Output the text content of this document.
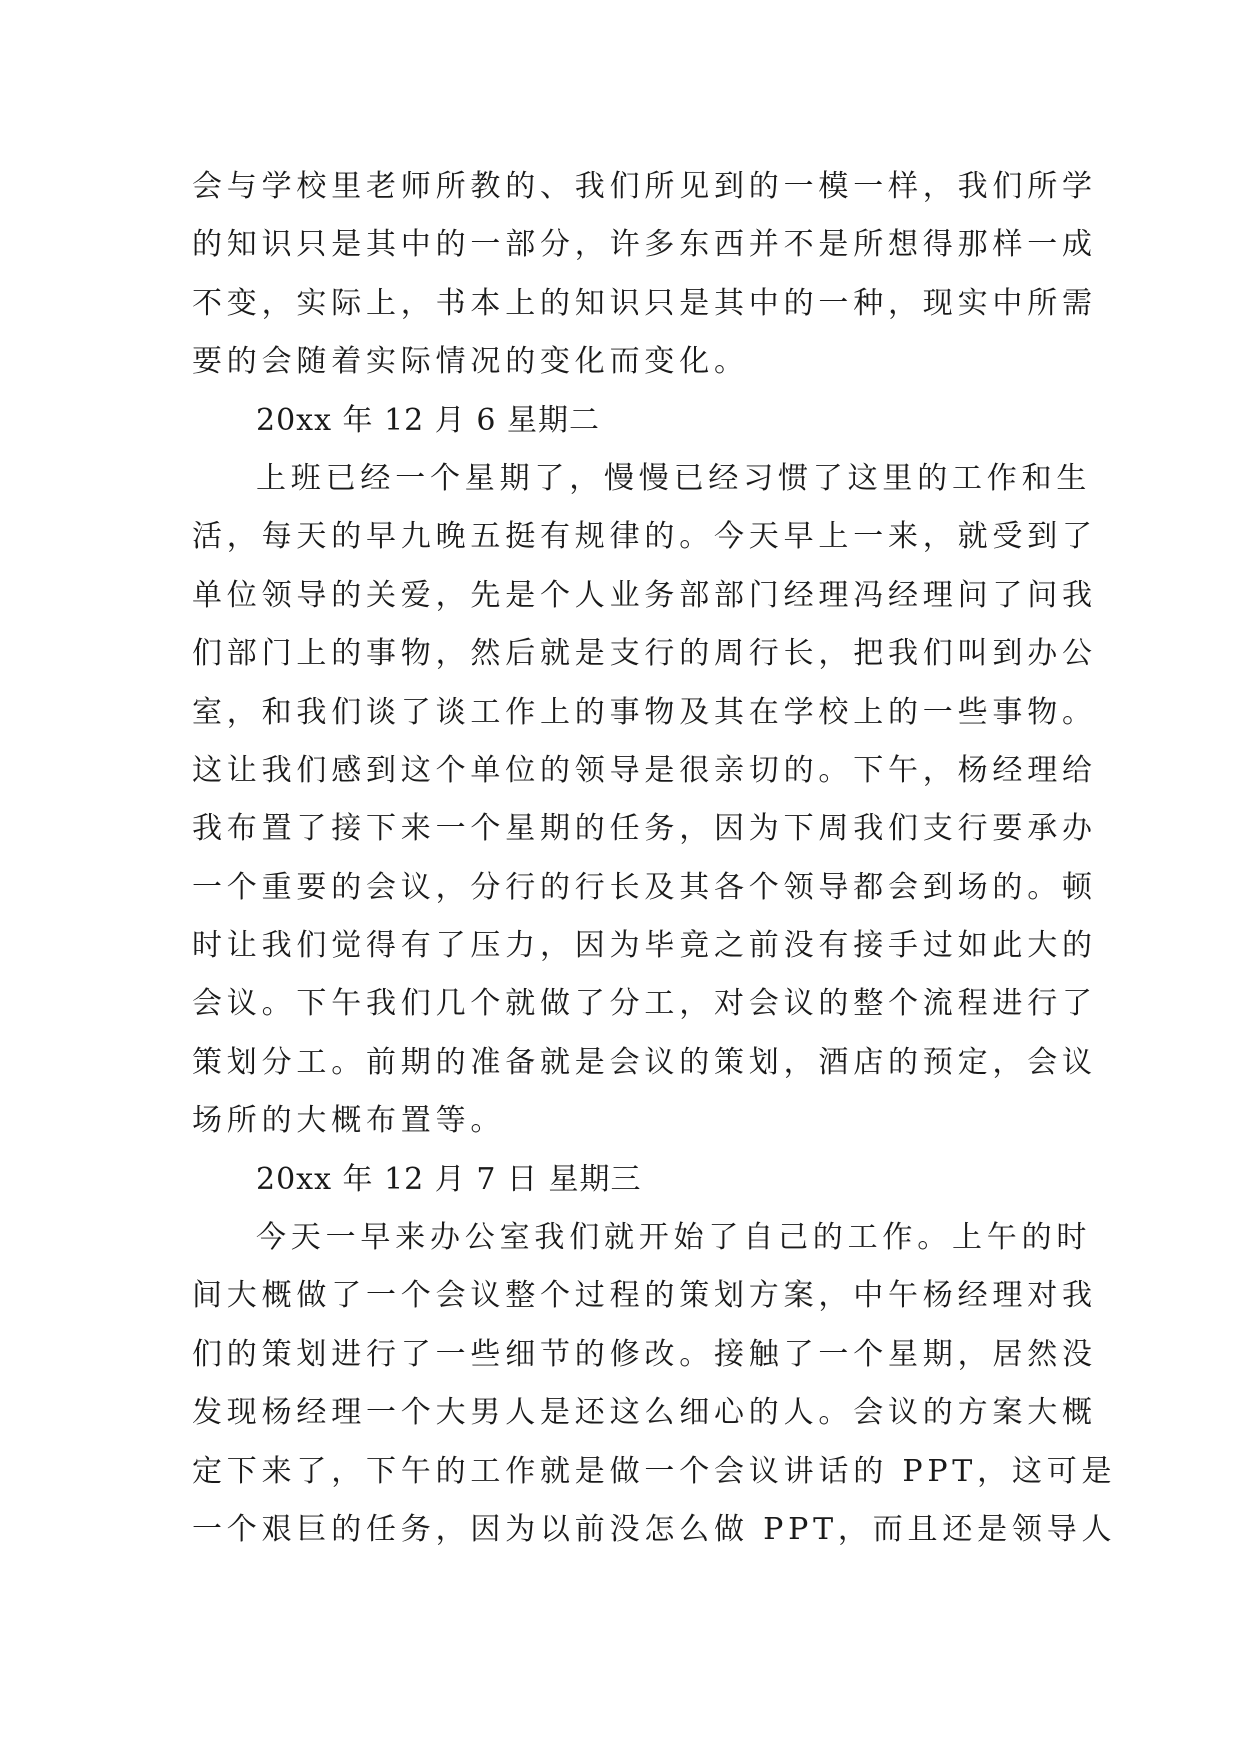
会与学校里老师所教的、我们所见到的一模一样，我们所学
的知识只是其中的一部分，许多东西并不是所想得那样一成
不变，实际上，书本上的知识只是其中的一种，现实中所需
要的会随着实际情况的变化而变化。
20xx 年 12 月 6 星期二
上班已经一个星期了，慢慢已经习惯了这里的工作和生
活，每天的早九晚五挺有规律的。今天早上一来，就受到了
单位领导的关爱，先是个人业务部部门经理冯经理问了问我
们部门上的事物，然后就是支行的周行长，把我们叫到办公
室，和我们谈了谈工作上的事物及其在学校上的一些事物。
这让我们感到这个单位的领导是很亲切的。下午，杨经理给
我布置了接下来一个星期的任务，因为下周我们支行要承办
一个重要的会议，分行的行长及其各个领导都会到场的。顿
时让我们觉得有了压力，因为毕竟之前没有接手过如此大的
会议。下午我们几个就做了分工，对会议的整个流程进行了
策划分工。前期的准备就是会议的策划，酒店的预定，会议
场所的大概布置等。
20xx 年 12 月 7 日 星期三
今天一早来办公室我们就开始了自己的工作。上午的时
间大概做了一个会议整个过程的策划方案，中午杨经理对我
们的策划进行了一些细节的修改。接触了一个星期，居然没
发现杨经理一个大男人是还这么细心的人。会议的方案大概
定下来了，下午的工作就是做一个会议讲话的 PPT，这可是
一个艰巨的任务，因为以前没怎么做 PPT，而且还是领导人
